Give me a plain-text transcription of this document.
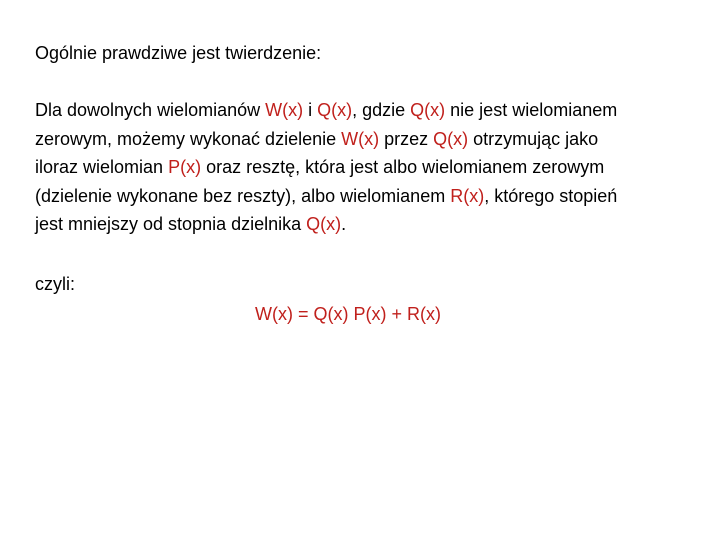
Ogólnie prawdziwe jest twierdzenie:
Dla dowolnych wielomianów W(x) i Q(x), gdzie Q(x) nie jest wielomianem
zerowym, możemy wykonać dzielenie W(x) przez Q(x) otrzymując jako
iloraz wielomian P(x) oraz resztę, która jest albo wielomianem zerowym
(dzielenie wykonane bez reszty), albo wielomianem R(x), którego stopień
jest mniejszy od stopnia dzielnika Q(x).
czyli:
W(x) = Q(x) P(x) + R(x)
